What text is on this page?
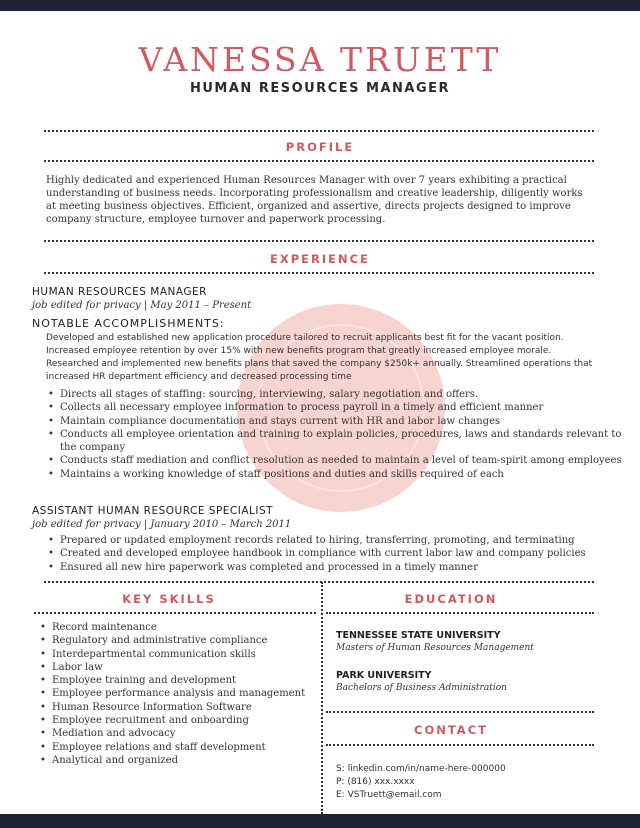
VANESSA TRUETT
HUMAN RESOURCES MANAGER
PROFILE

Highly dedicated and experienced Human Resources Manager with over 7 years exhibiting a practical understanding of business needs. Incorporating professionalism and creative leadership, diligently works at meeting business objectives. Efficient, organized and assertive, directs projects designed to improve company structure, employee turnover and paperwork processing.

EXPERIENCE
HUMAN RESOURCES MANAGER
job edited for privacy | May 2011 – Present
NOTABLE ACCOMPLISHMENTS:

Developed and established new application procedure tailored to recruit applicants best fit for the vacant position. Increased employee retention by over 15% with new benefits program that greatly increased employee morale. Researched and implemented new benefits plans that saved the company $250k+ annually. Streamlined operations that increased HR department efficiency and decreased processing time

• Directs all stages of staffing: sourcing, interviewing, salary negotiation and offers.
• Collects all necessary employee information to process payroll in a timely and efficient manner
• Maintain compliance documentation and stays current with HR and labor law changes
• Conducts all employee orientation and training to explain policies, procedures, laws and standards relevant to the company
• Conducts staff mediation and conflict resolution as needed to maintain a level of team-spirit among employees
• Maintains a working knowledge of staff positions and duties and skills required of each
ASSISTANT HUMAN RESOURCE SPECIALIST
job edited for privacy | January 2010 – March 2011
• Prepared or updated employment records related to hiring, transferring, promoting, and terminating
• Created and developed employee handbook in compliance with current labor law and company policies
• Ensured all new hire paperwork was completed and processed in a timely manner
KEY SKILLS
• Record maintenance
• Regulatory and administrative compliance
• Interdepartmental communication skills
• Labor law
• Employee training and development
• Employee performance analysis and management
• Human Resource Information Software
• Employee recruitment and onboarding
• Mediation and advocacy
• Employee relations and staff development
• Analytical and organized
EDUCATION
TENNESSEE STATE UNIVERSITY
Masters of Human Resources Management
PARK UNIVERSITY
Bachelors of Business Administration
CONTACT
S: linkedin.com/in/name-here-000000
P: (816) xxx.xxxx
E: VSTruett@email.com
